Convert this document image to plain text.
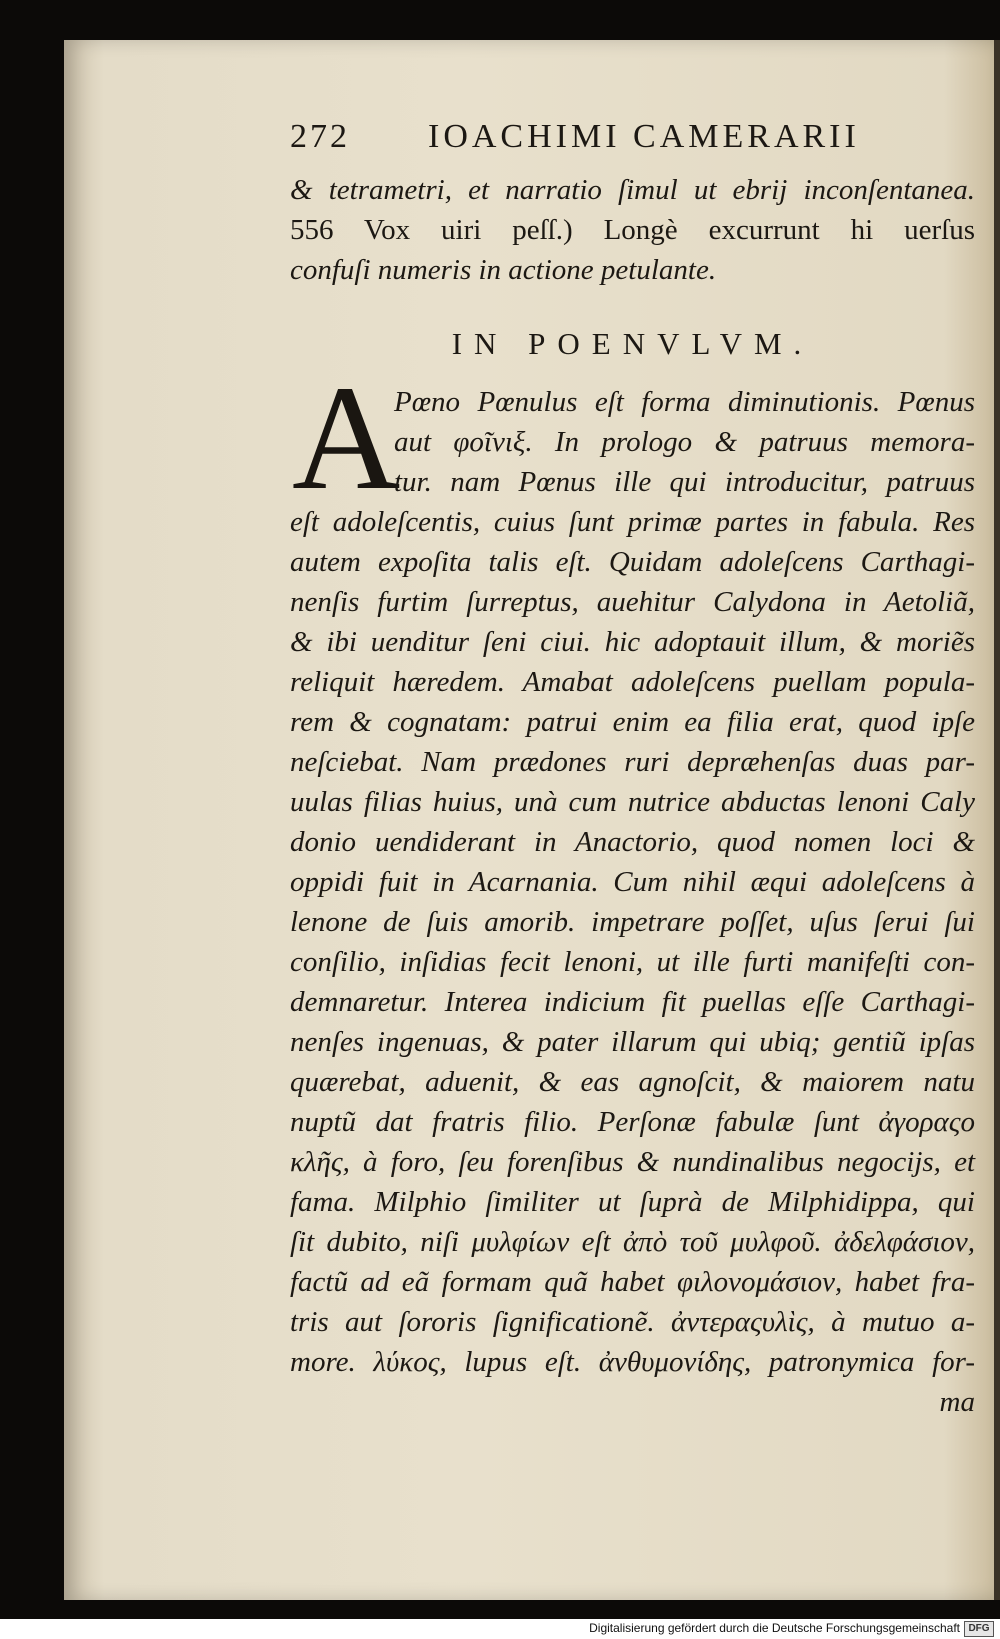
272 IOACHIMI CAMERARII
& tetrametri, et narratio ſimul ut ebrij inconſentanea.
556 Vox uiri peſſ.) Longè excurrunt hi uerſus
confuſi numeris in actione petulante.
IN POENVLVM.
A
Pœno Pœnulus eſt forma diminutionis. Pœnus
aut φοῖνιξ. In prologo & patruus memora-
tur. nam Pœnus ille qui introducitur, patruus
eſt adoleſcentis, cuius ſunt primæ partes in fabula. Res
autem expoſita talis eſt. Quidam adoleſcens Carthagi-
nenſis furtim ſurreptus, auehitur Calydona in Aetoliã,
& ibi uenditur ſeni ciui. hic adoptauit illum, & moriẽs
reliquit hæredem. Amabat adoleſcens puellam popula-
rem & cognatam: patrui enim ea filia erat, quod ipſe
neſciebat. Nam prædones ruri depræhenſas duas par-
uulas filias huius, unà cum nutrice abductas lenoni Caly
donio uendiderant in Anactorio, quod nomen loci &
oppidi fuit in Acarnania. Cum nihil æqui adoleſcens à
lenone de ſuis amorib. impetrare poſſet, uſus ſerui ſui
conſilio, inſidias fecit lenoni, ut ille furti manifeſti con-
demnaretur. Interea indicium fit puellas eſſe Carthagi-
nenſes ingenuas, & pater illarum qui ubiq; gentiũ ipſas
quærebat, aduenit, & eas agnoſcit, & maiorem natu
nuptũ dat fratris filio. Perſonæ fabulæ ſunt ἀγοραςο
κλῆς, à foro, ſeu forenſibus & nundinalibus negocijs, et
fama. Milphio ſimiliter ut ſuprà de Milphidippa, qui
ſit dubito, niſi μυλφίων eſt ἀπὸ τοῦ μυλφοῦ. ἀδελφάσιον,
factũ ad eã formam quã habet φιλονομάσιον, habet fra-
tris aut ſororis ſignificationẽ. ἀντεραςυλὶς, à mutuo a-
more. λύκος, lupus eſt. ἀνθυμονίδης, patronymica for-
ma
Digitalisierung gefördert durch die Deutsche Forschungsgemeinschaft DFG
